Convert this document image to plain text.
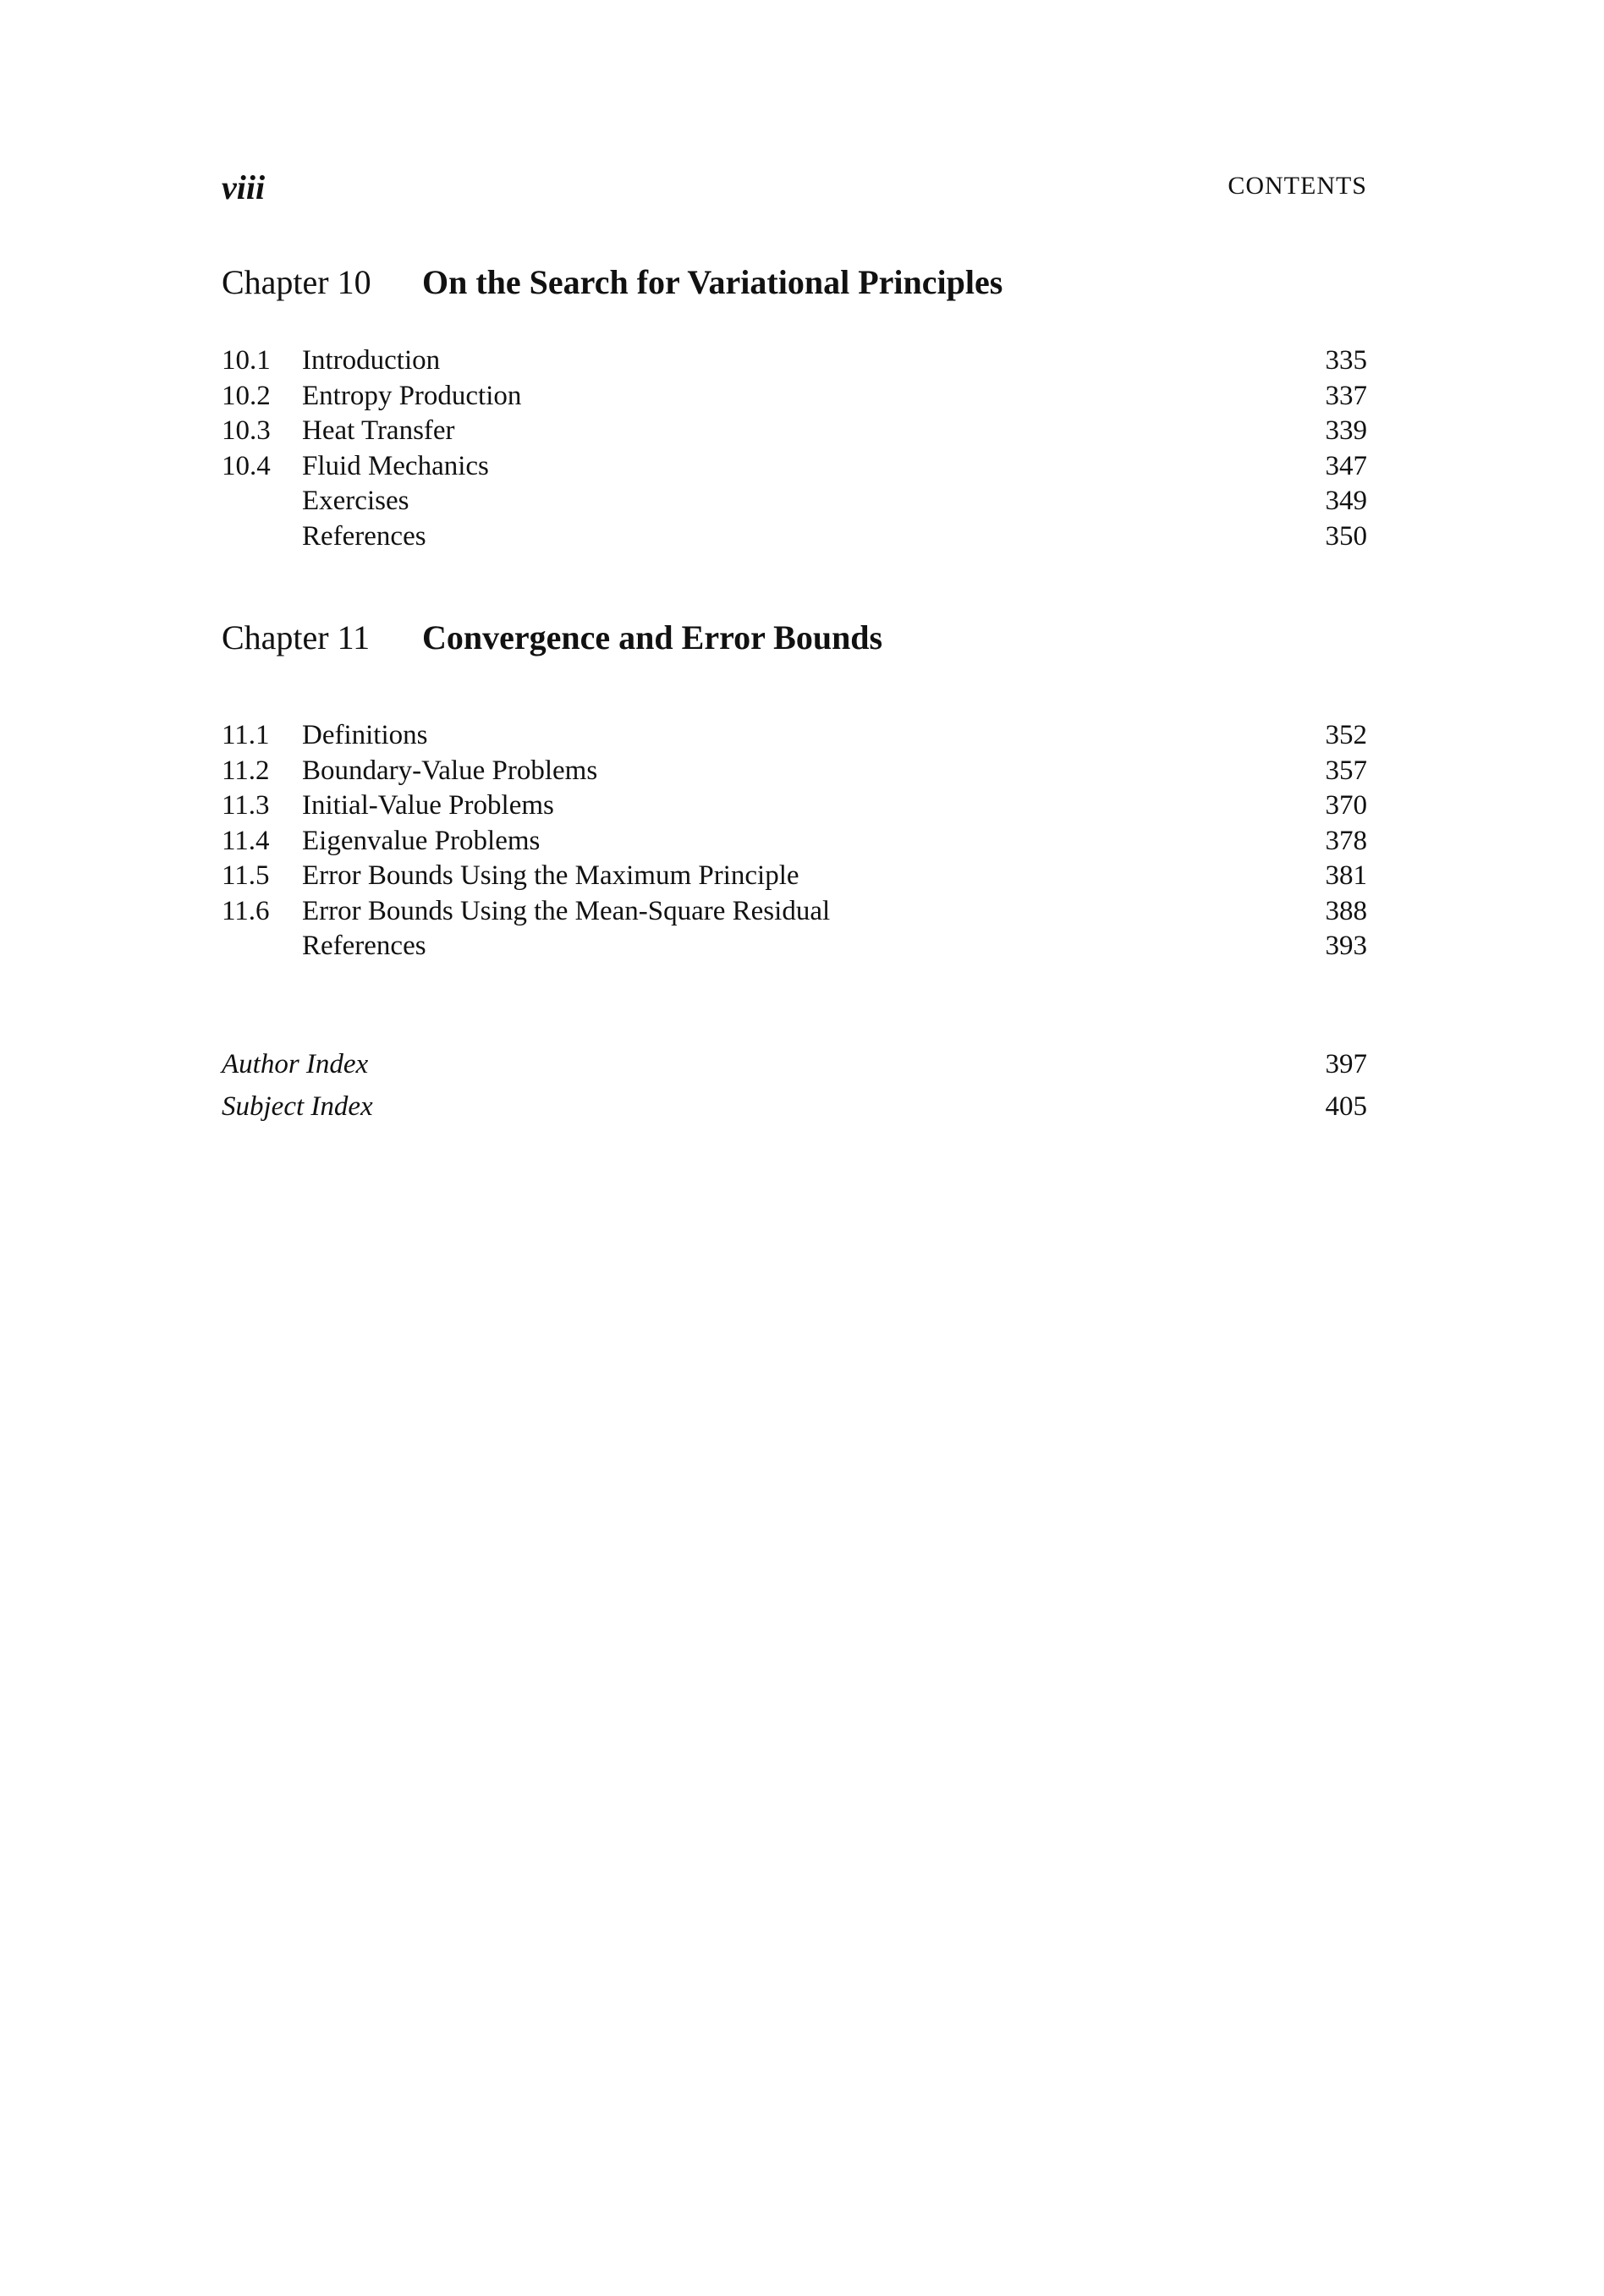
viii	CONTENTS
Chapter 10 On the Search for Variational Principles
10.1	Introduction	335
10.2	Entropy Production	337
10.3	Heat Transfer	339
10.4	Fluid Mechanics	347
Exercises	349
References	350
Chapter 11 Convergence and Error Bounds
11.1	Definitions	352
11.2	Boundary-Value Problems	357
11.3	Initial-Value Problems	370
11.4	Eigenvalue Problems	378
11.5	Error Bounds Using the Maximum Principle	381
11.6	Error Bounds Using the Mean-Square Residual	388
References	393
Author Index	397
Subject Index	405
